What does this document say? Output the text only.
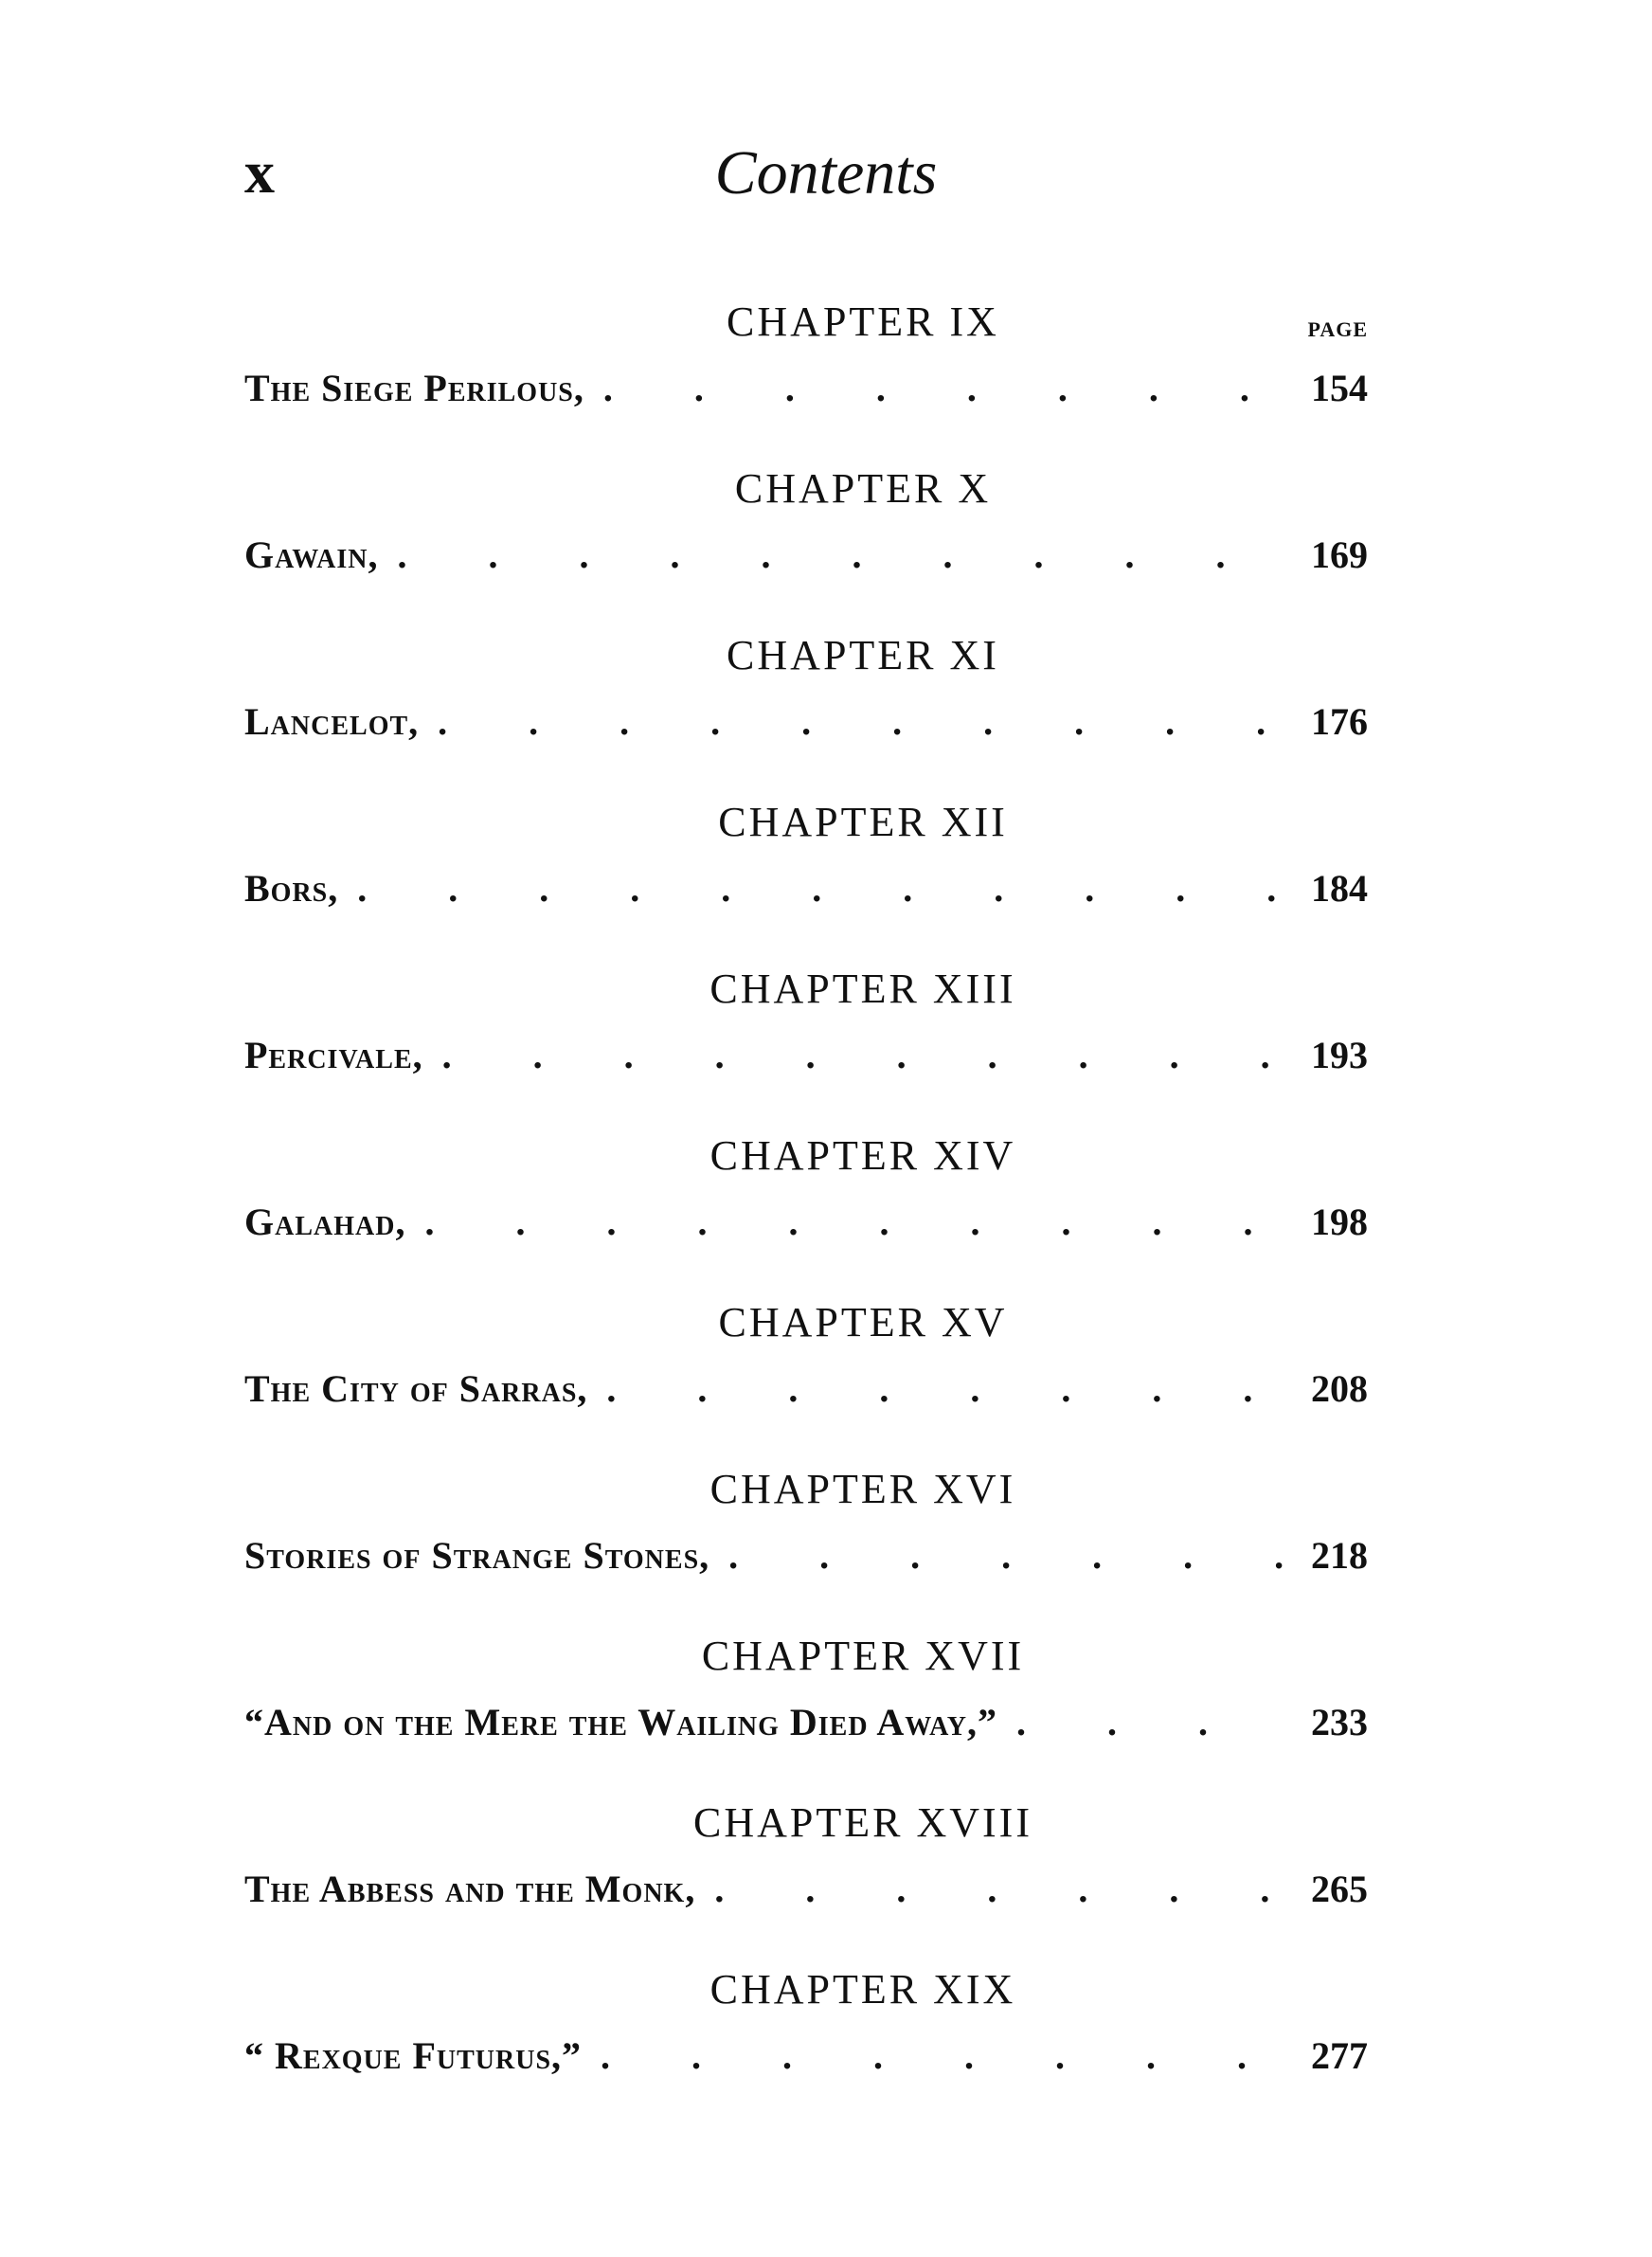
x	Contents
PAGE
CHAPTER IX
The Siege Perilous, . . .	154
CHAPTER X
Gawain, . . .	169
CHAPTER XI
Lancelot, . . .	176
CHAPTER XII
Bors, . . .	184
CHAPTER XIII
Percivale, . . .	193
CHAPTER XIV
Galahad, . . .	198
CHAPTER XV
The City of Sarras, . . .	208
CHAPTER XVI
Stories of Strange Stones, . . .	218
CHAPTER XVII
“And on the Mere the Wailing Died Away,” . . .	233
CHAPTER XVIII
The Abbess and the Monk, . . .	265
CHAPTER XIX
“ Rexque Futurus,” . . .	277
